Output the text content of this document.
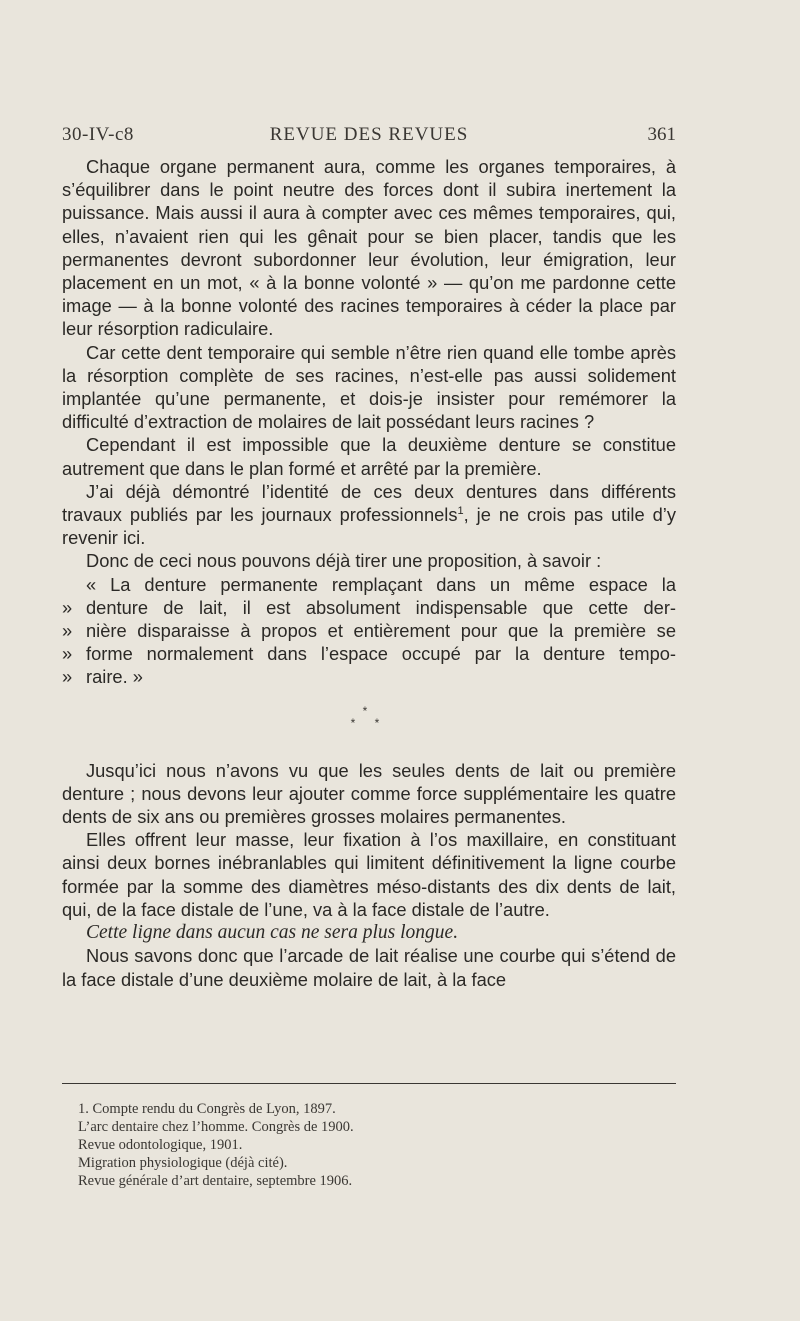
30-IV-c8	REVUE DES REVUES	361

Chaque organe permanent aura, comme les organes temporaires, à s’équilibrer dans le point neutre des forces dont il subira inertement la puissance. Mais aussi il aura à compter avec ces mêmes temporaires, qui, elles, n’avaient rien qui les gênait pour se bien placer, tandis que les permanentes devront subordonner leur évolution, leur émigration, leur placement en un mot, « à la bonne volonté » — qu’on me pardonne cette image — à la bonne volonté des racines temporaires à céder la place par leur résorption radiculaire.

Car cette dent temporaire qui semble n’être rien quand elle tombe après la résorption complète de ses racines, n’est-elle pas aussi solidement implantée qu’une permanente, et dois-je insister pour remémorer la difficulté d’extraction de molaires de lait possédant leurs racines ?

Cependant il est impossible que la deuxième denture se constitue autrement que dans le plan formé et arrêté par la première.

J’ai déjà démontré l’identité de ces deux dentures dans différents travaux publiés par les journaux professionnels$^1$, je ne crois pas utile d’y revenir ici.

Donc de ceci nous pouvons déjà tirer une proposition, à savoir :

« La denture permanente remplaçant dans un même espace la
» denture de lait, il est absolument indispensable que cette der-
» nière disparaisse à propos et entièrement pour que la première se
» forme normalement dans l’espace occupé par la denture tempo-
» raire. »
*
* *

Jusqu’ici nous n’avons vu que les seules dents de lait ou première denture ; nous devons leur ajouter comme force supplémentaire les quatre dents de six ans ou premières grosses molaires permanentes.

Elles offrent leur masse, leur fixation à l’os maxillaire, en constituant ainsi deux bornes inébranlables qui limitent définitivement la ligne courbe formée par la somme des diamètres méso-distants des dix dents de lait, qui, de la face distale de l’une, va à la face distale de l’autre.

Cette ligne dans aucun cas ne sera plus longue.

Nous savons donc que l’arcade de lait réalise une courbe qui s’étend de la face distale d’une deuxième molaire de lait, à la face

1. Compte rendu du Congrès de Lyon, 1897.

L’arc dentaire chez l’homme. Congrès de 1900.

Revue odontologique, 1901.

Migration physiologique (déjà cité).

Revue générale d’art dentaire, septembre 1906.
